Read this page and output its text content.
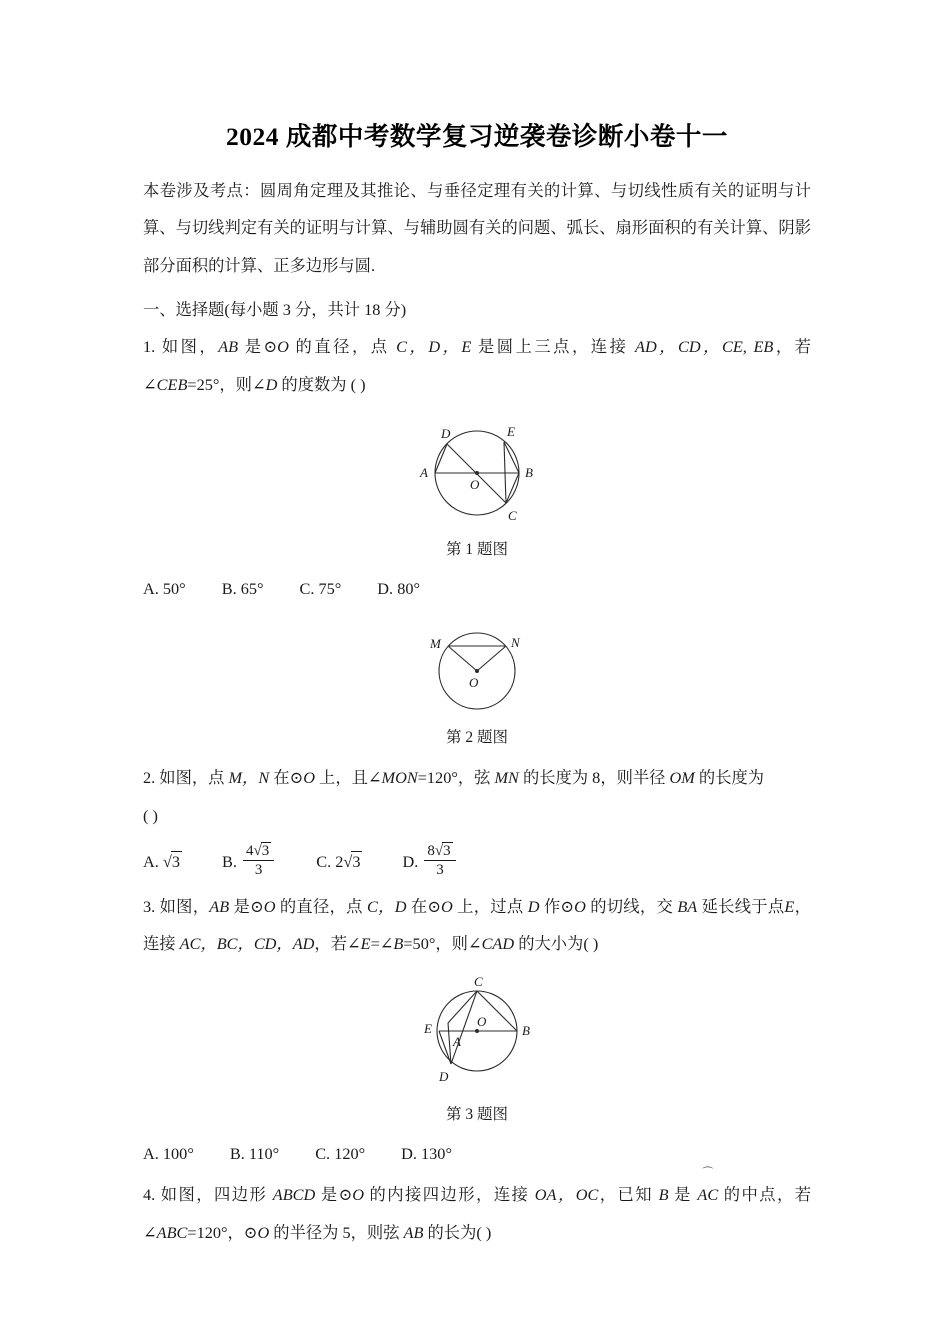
2024 成都中考数学复习逆袭卷诊断小卷十一

本卷涉及考点：圆周角定理及其推论、与垂径定理有关的计算、与切线性质有关的证明与计算、与切线判定有关的证明与计算、与辅助圆有关的问题、弧长、扇形面积的有关计算、阴影部分面积的计算、正多边形与圆.

一、选择题(每小题 3 分，共计 18 分)

1. 如图，AB 是⊙O 的直径，点 C，D，E 是圆上三点，连接 AD，CD，CE, EB，若∠CEB=25°，则∠D 的度数为 ( )

D	E
A	B
C
O

第 1 题图

A. 50° B. 65° C. 75° D. 80°

M	N
O

第 2 题图

2. 如图，点 M，N 在⊙O 上，且∠MON=120°，弦 MN 的长度为 8，则半径 OM 的长度为

( )

A.
√3	B.
$\frac{4√3}{3}$	C.
2 √3	D.
$\frac{8√3}{3}$

3. 如图，AB 是⊙O 的直径，点 C，D 在⊙O 上，过点 D 作⊙O 的切线，交 BA 延长线于点E，连接 AC，BC，CD，AD，若∠E=∠B=50°，则∠CAD 的大小为( )

C
O
B
E
A
D

第 3 题图

A. 100° B. 110° C. 120° D. 130°

4. 如图，四边形 ABCD 是⊙O 的内接四边形，连接 OA，OC，已知 B 是
⌒
AC 的中点，若∠ABC=120°，⊙O 的半径为 5，则弦 AB 的长为( )
